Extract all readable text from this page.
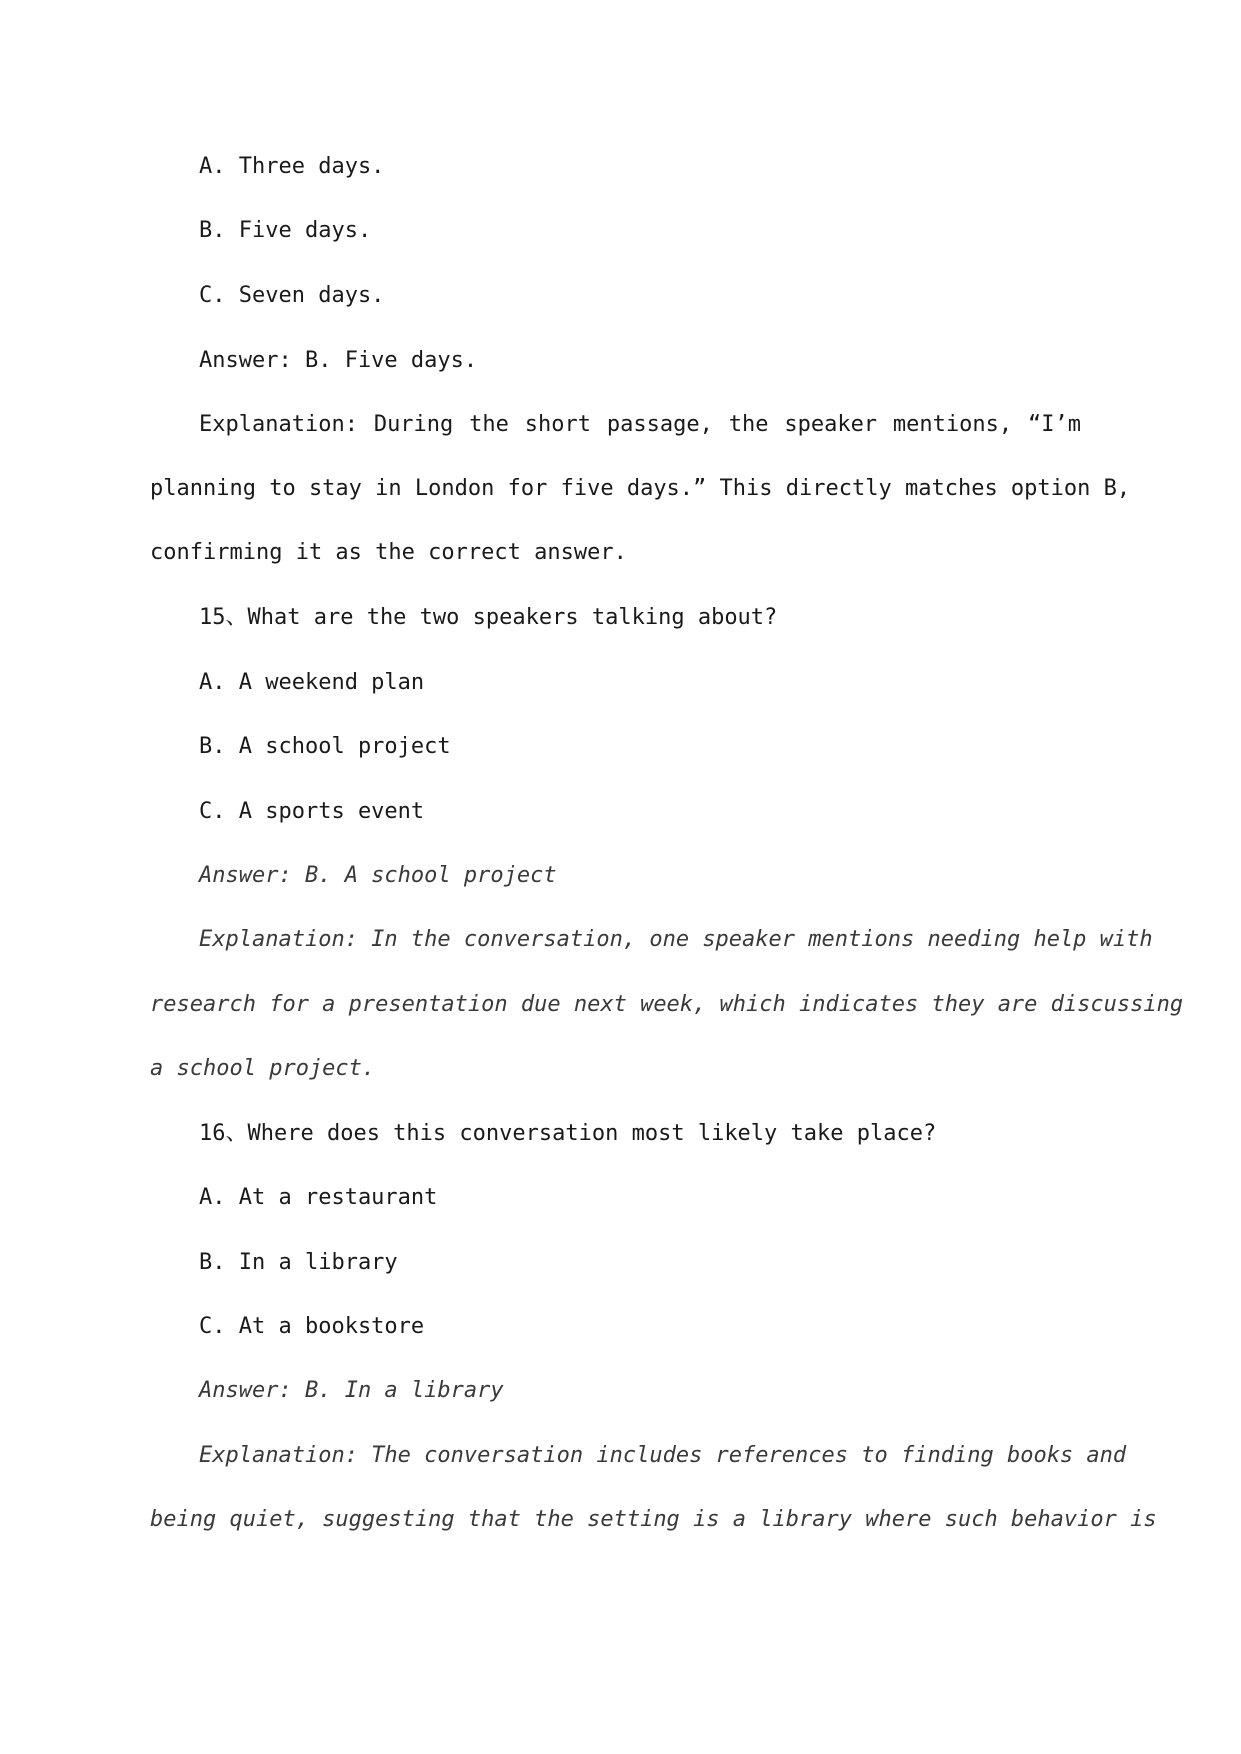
A. Three days.
B. Five days.
C. Seven days.
Answer: B. Five days.
Explanation: During the short passage, the speaker mentions, “I’m
planning to stay in London for five days.” This directly matches option B,
confirming it as the correct answer.
15、What are the two speakers talking about?
A. A weekend plan
B. A school project
C. A sports event
Answer: B. A school project
Explanation: In the conversation, one speaker mentions needing help with
research for a presentation due next week, which indicates they are discussing
a school project.
16、Where does this conversation most likely take place?
A. At a restaurant
B. In a library
C. At a bookstore
Answer: B. In a library
Explanation: The conversation includes references to finding books and
being quiet, suggesting that the setting is a library where such behavior is
